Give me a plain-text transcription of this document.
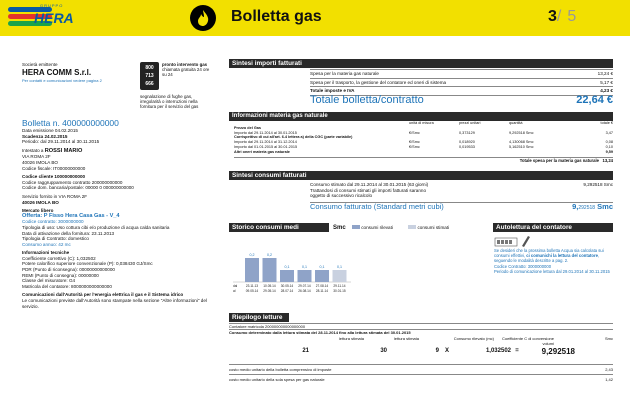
GRUPPO
HERA	Bolletta gas	3/ 5
Società emittente
HERA COMM S.r.l.
Per contatti e comunicazioni vedere pagina 2
800
713
666
pronto intervento gas
chiamata gratuita 24 ore su 24
segnalazione di fughe gas, irregolarità o interruzioni nella fornitura per il servizio del gas
Bolletta n. 400000000000
Data emissione 04.02.2015
Scadenza 24.02.2015
Periodo: dal 29.11.2014 al 30.11.2015
Intestato a ROSSI MARIO
VIA ROMA 2F
40026 IMOLA BO
Codice fiscale: IT00000000000
Codice cliente 100000000000
Codice raggruppamento contratto 200000000000
Codice dom. bancaria/postale: 00000 0 000000000000
Servizio fornito in VIA ROMA 2F
40026 IMOLA BO
Mercato libero
Offerta: P Fisso Hera Casa Gas - V_4
Codice contratto: 3000000000
Tipologia di uso: Uso cottura cibi e/o produzione di acqua calda sanitaria
Data di attivazione della fornitura: 23.11.2013
Tipologia di Contratto: domestico
Consumo annuo: 42 mc
Informazioni tecniche
Coefficiente correttivo (C): 1,032502
Potere calorifico superiore convenzionale (P): 0,038430 GJ/Smc
PDR (Punto di riconsegna): 00000000000000
REMI (Punto di consegna): 00000000
Classe del misuratore: G4
Matricola del contatore: 8000000000000000
Comunicazioni dall'Autorità per l'energia elettrica il gas e il Sistema idrico
Le comunicazioni previste dall'Autorità sono stampate nella sezione "Altre informazioni" del servizio.
Sintesi importi fatturati
Spesa per la materia gas naturale	13,24 €
Spesa per il trasporto, la gestione del contatore ed oneri di sistema	5,17 €
Totale imposte e IVA	4,23 €
Totale bolletta/contratto	22,64 €
Informazioni materia gas naturale
unità di misura	prezzi unitari	quantità	totale €
Prezzo del Gas
Importo dal 29.11.2014 al 30.01.2015	€/Smc	0,373129	9,292518 Smc	3,47
Corrispettivo di cui all'art. 6.4 lettera a) della CGC (parte variabile)
Importo dal 29.11.2014 al 31.12.2014	€/Smc	0,018920	4,130068 Smc	0,08
Importo dal 01.01.2015 al 30.01.2015	€/Smc	0,019533	5,162510 Smc	0,10
Altri oneri materia gas naturale	9,59
Totale spesa per la materia gas naturale 13,24
Sintesi consumi fatturati
Consumo stimato dal 29.11.2014 al 30.01.2015 (63 giorni)	9,292518 Smc
Trattandosi di consumi stimati gli importi fatturati saranno oggetto di successivo ricalcolo
Consumo fatturato (Standard metri cubi)	9,292518 Smc
Storico consumi medi giornalieri
Smc	consumi rilevati	consumi stimati
0,2
23.11.13
09.05.14
0,2
10.05.14
29.05.14
0,1
30.05.14
28.07.14
0,1
29.07.14
26.08.14
0,1
27.08.14
28.11.14
0,1
29.11.14
30.01.15
dal
al
Autolettura del contatore
Se desideri che la prossima bolletta Acqua sia calcolata sui consumi effettivi, ci comunichi la lettura del contatore, seguendo le modalità descritte a pag. 2.
Codice Contratto: 3000000000
Periodo di comunicazione lettura dal 29.01.2014 al 30.11.2015
Riepilogo letture
Contatore matricola 200000000000000000
Consumo determinato dalla lettura stimata del 28.11.2014 fino alla lettura stimata del 30.01.2015
lettura stimata	lettura stimata	Consumo rilevato (mc)	Coefficiente C di conversione volumi
Smc
21	30	9 X	1,032502 =	9,292518
costo medio unitario della bolletta comprensivo di imposte	2,43
costo medio unitario della sola spesa per gas naturale	1,42
